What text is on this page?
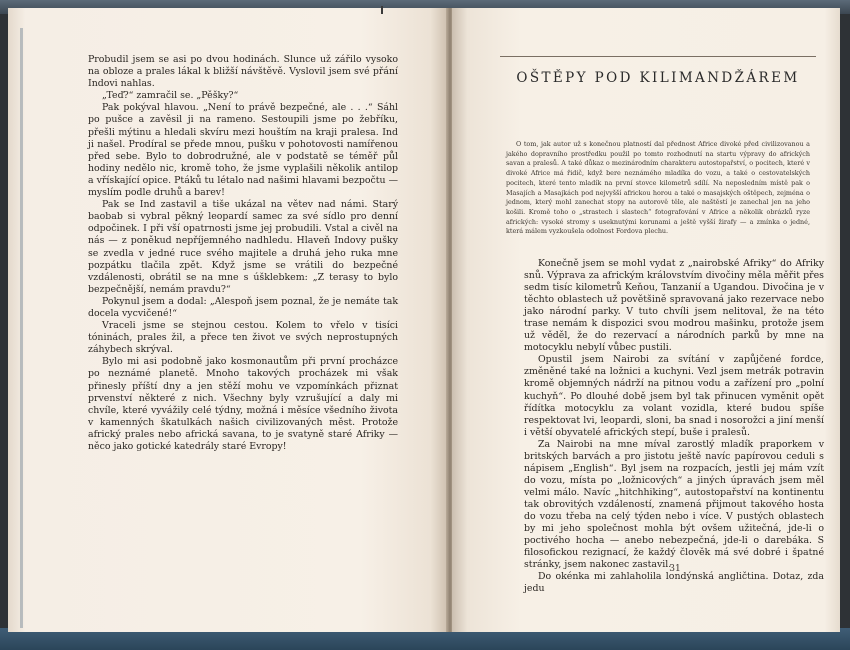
Probudil jsem se asi po dvou hodinách. Slunce už zářilo vysoko na obloze a prales lákal k bližší návštěvě. Vyslovil jsem své přání Indovi nahlas.

„Teď?“ zamračil se. „Pěšky?“

Pak pokýval hlavou. „Není to právě bezpečné, ale . . .“ Sáhl po pušce a zavěsil ji na rameno. Sestoupili jsme po žebříku, přešli mýtinu a hledali skvíru mezi houštím na kraji pralesa. Ind ji našel. Prodíral se předе mnou, pušku v pohotovosti namířenou před sebe. Bylo to dobrodružné, ale v podstatě se téměř půl hodiny nedělo nic, kromě toho, že jsme vyplašili několik antilop a vřískající opice. Ptáků tu létalo nad našimi hlavami bezpočtu — myslím podle druhů a barev!

Pak se Ind zastavil a tiše ukázal na větev nad námi. Starý baobab si vybral pěkný leopardí samec za své sídlo pro denní odpočinek. I při vší opatrnosti jsme jej probudili. Vstal a civěl na nás — z poněkud nepříjemného nadhledu. Hlaveň Indovy pušky se zvedla v jedné ruce svého majitele a druhá jeho ruka mne pozpátku tlačila zpět. Když jsme se vrátili do bezpečné vzdálenosti, obrátil se na mne s úšklebkem: „Z terasy to bylo bezpečnější, nemám pravdu?“

Pokynul jsem a dodal: „Alespoň jsem poznal, že je nemáte tak docela vycvičené!“

Vraceli jsme se stejnou cestou. Kolem to vřelo v tisíci tóninách, prales žil, a přece ten život ve svých neprostupných záhybech skrýval.

Bylo mi asi podobně jako kosmonautům při první procházce po neznámé planetě. Mnoho takových procházek mi však přinesly příští dny a jen stěží mohu ve vzpomínkách přiznat prvenství některé z nich. Všechny byly vzrušující a daly mi chvíle, které vyvážily celé týdny, možná i měsíce všedního života v kamenných škatulkách našich civilizovaných měst. Protože africký prales nebo africká savana, to je svatyně staré Afriky — něco jako gotické katedrály staré Evropy!

OŠTĚPY POD KILIMANDŽÁREM
O tom, jak autor už s konečnou platností dal přednost Africe divoké před civilizovanou a jakého dopravního prostředku použil po tomto rozhodnutí na startu výpravy do afrických savan a pralesů. A také důkaz o mezinárodním charakteru autostopařství, o pocitech, které v divoké Africe má řidič, když bere neznámého mladíka do vozu, a také o cestovatelských pocitech, které tento mladík na první stovce kilometrů sdílí. Na neposledním místě pak o Masajích a Masajkách pod nejvyšší africkou horou a také o masajských oštěpech, zejména o jednom, který mohl zanechat stopy na autorově těle, ale naštěstí je zanechal jen na jeho košili. Kromě toho o „strastech i slastech“ fotografování v Africe a několik obrázků ryze afrických: vysoké stromy s useknutými korunami a ještě vyšší žirafy — a zmínka o jedné, která málem vyzkoušela odolnost Fordova plechu.

Konečně jsem se mohl vydat z „nairobské Afriky“ do Afriky snů. Výprava za africkým královstvím divočiny měla měřit přes sedm tisíc kilometrů Keňou, Tanzanií a Ugandou. Divočina je v těchto oblastech už povětšině spravovaná jako rezervace nebo jako národní parky. V tuto chvíli jsem nelitoval, že na této trase nemám k dispozici svou modrou mašinku, protože jsem už věděl, že do rezervací a národních parků by mne na motocyklu nebylí vůbec pustili.

Opustil jsem Nairobi za svítání v zapůjčené fordce, změněné také na ložnici a kuchyni. Vezl jsem metrák potravin kromě objemných nádrží na pitnou vodu a zařízení pro „polní kuchyň“. Po dlouhé době jsem byl tak přinucen vyměnit opět řídítka motocyklu za volant vozidla, které budou spíše respektovat lvi, leopardi, sloni, ba snad i nosorožci a jiní menší i větší obyvatelé afrických stepí, buše i pralesů.

Za Nairobi na mne míval zarostlý mladík praporkem v britských barvách a pro jistotu ještě navíc papírovou ceduli s nápisem „English“. Byl jsem na rozpacích, jestli jej mám vzít do vozu, místa po „ložnicových“ a jiných úpravách jsem měl velmi málo. Navíc „hitchhiking“, autostopařství na kontinentu tak obrovitých vzdáleností, znamená přijmout takového hosta do vozu třeba na celý týden nebo i více. V pustých oblastech by mi jeho společnost mohla být ovšem užitečná, jde-li o poctivého hocha — anebo nebezpečná, jde-li o darebáka. S filosofickou rezignací, že každý člověk má své dobré i špatné stránky, jsem nakonec zastavil.

Do okénka mi zahlaholila londýnská angličtina. Dotaz, zda jedu

31
